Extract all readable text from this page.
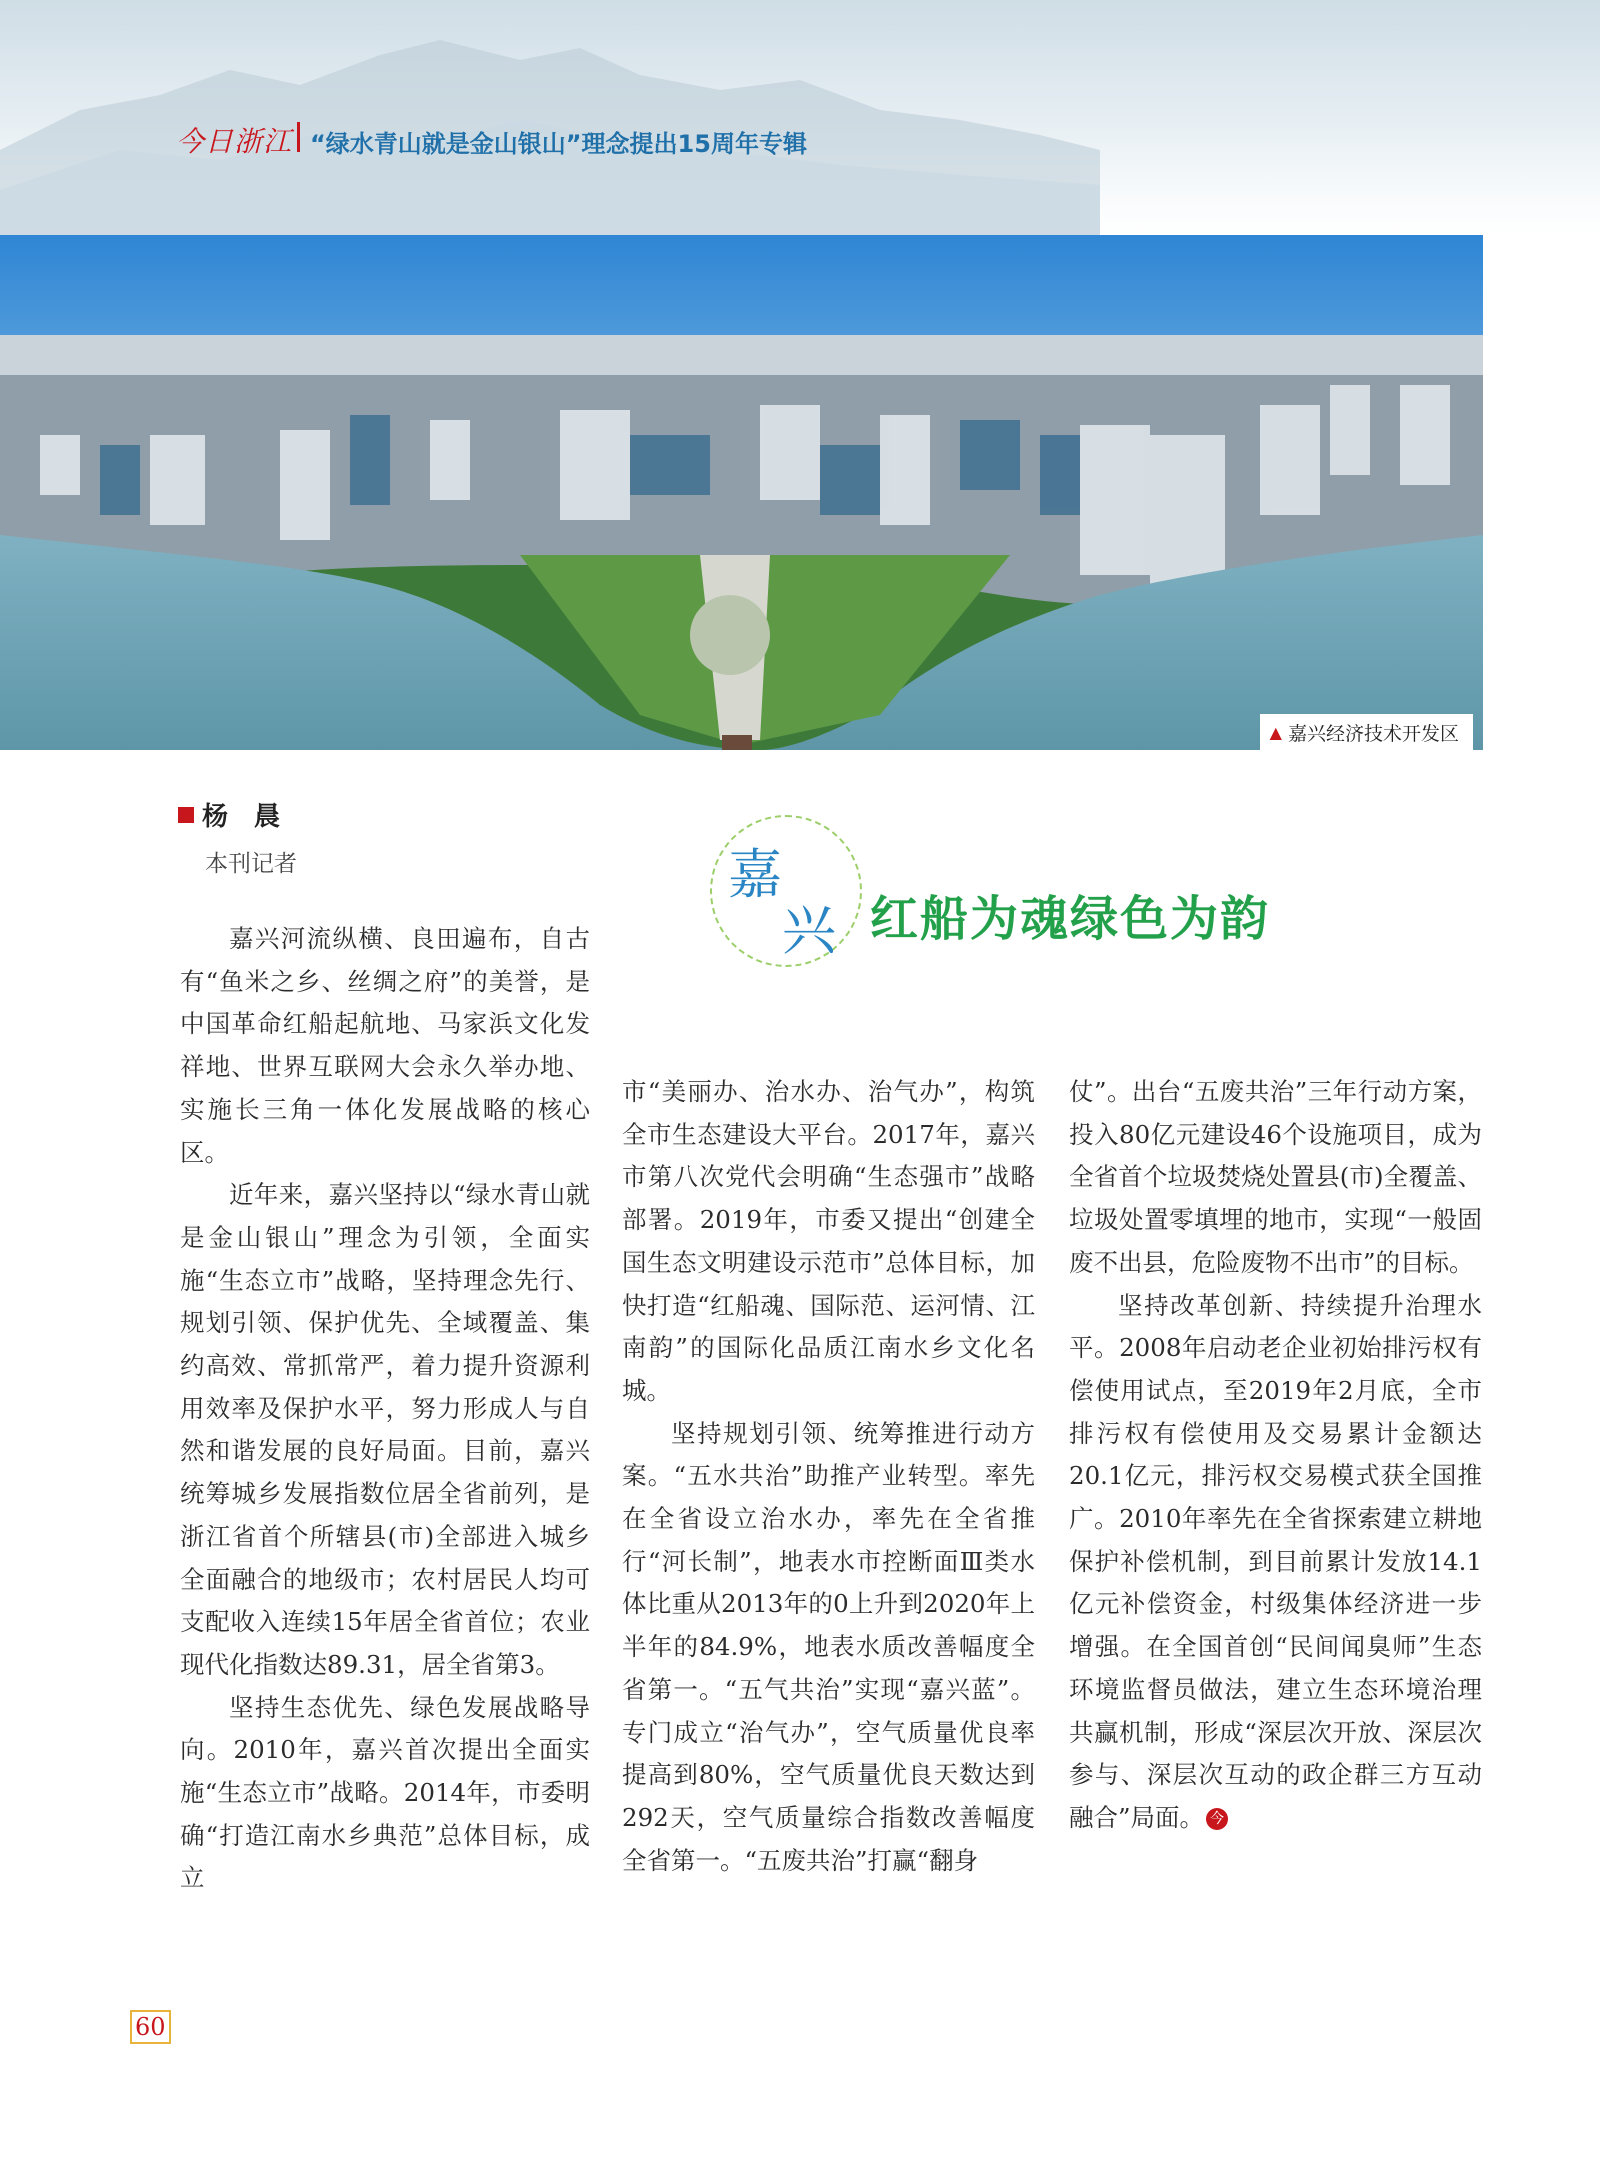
今日浙江 “绿水青山就是金山银山”理念提出15周年专辑
▲ 嘉兴经济技术开发区
杨　晨
本刊记者	嘉
兴 红船为魂绿色为韵

嘉兴河流纵横、良田遍布，自古有“鱼米之乡、丝绸之府”的美誉，是中国革命红船起航地、马家浜文化发祥地、世界互联网大会永久举办地、实施长三角一体化发展战略的核心区。

近年来，嘉兴坚持以“绿水青山就是金山银山”理念为引领，全面实施“生态立市”战略，坚持理念先行、规划引领、保护优先、全域覆盖、集约高效、常抓常严，着力提升资源利用效率及保护水平，努力形成人与自然和谐发展的良好局面。目前，嘉兴统筹城乡发展指数位居全省前列，是浙江省首个所辖县(市)全部进入城乡全面融合的地级市；农村居民人均可支配收入连续15年居全省首位；农业现代化指数达89.31，居全省第3。

坚持生态优先、绿色发展战略导向。2010年，嘉兴首次提出全面实施“生态立市”战略。2014年，市委明确“打造江南水乡典范”总体目标，成立

市“美丽办、治水办、治气办”，构筑全市生态建设大平台。2017年，嘉兴市第八次党代会明确“生态强市”战略部署。2019年，市委又提出“创建全国生态文明建设示范市”总体目标，加快打造“红船魂、国际范、运河情、江南韵”的国际化品质江南水乡文化名城。

坚持规划引领、统筹推进行动方案。“五水共治”助推产业转型。率先在全省设立治水办，率先在全省推行“河长制”，地表水市控断面Ⅲ类水体比重从2013年的0上升到2020年上半年的84.9%，地表水质改善幅度全省第一。“五气共治”实现“嘉兴蓝”。专门成立“治气办”，空气质量优良率提高到80%，空气质量优良天数达到292天，空气质量综合指数改善幅度全省第一。“五废共治”打赢“翻身

仗”。出台“五废共治”三年行动方案，投入80亿元建设46个设施项目，成为全省首个垃圾焚烧处置县(市)全覆盖、垃圾处置零填埋的地市，实现“一般固废不出县，危险废物不出市”的目标。

坚持改革创新、持续提升治理水平。2008年启动老企业初始排污权有偿使用试点，至2019年2月底，全市排污权有偿使用及交易累计金额达20.1亿元，排污权交易模式获全国推广。2010年率先在全省探索建立耕地保护补偿机制，到目前累计发放14.1亿元补偿资金，村级集体经济进一步增强。在全国首创“民间闻臭师”生态环境监督员做法，建立生态环境治理共赢机制，形成“深层次开放、深层次参与、深层次互动的政企群三方互动融合”局面。 今

60
